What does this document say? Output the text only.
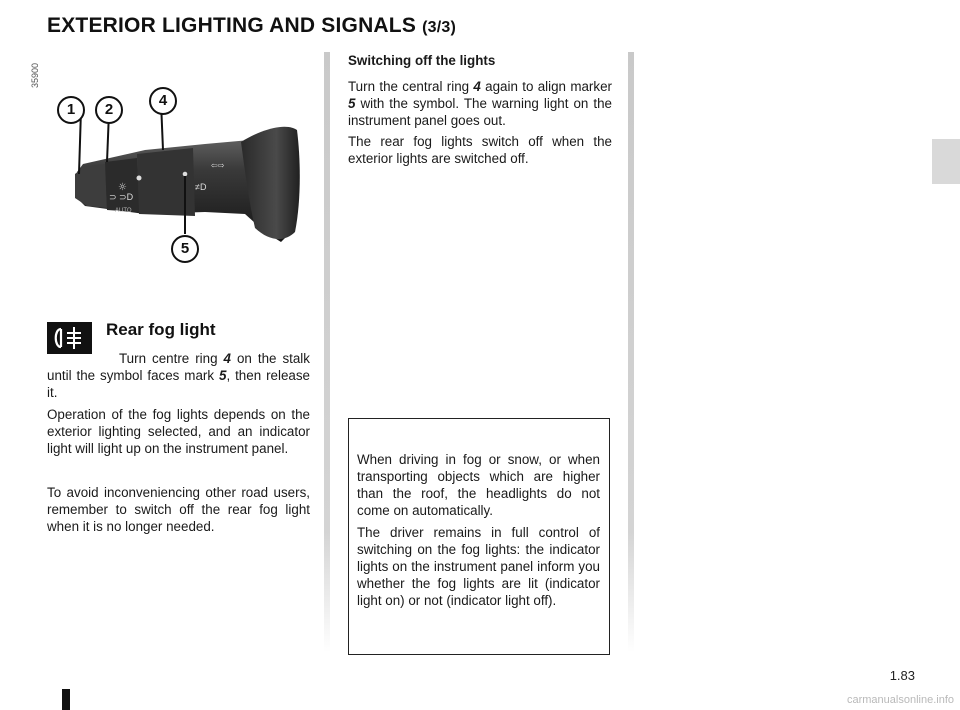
EXTERIOR LIGHTING AND SIGNALS (3/3)
35900
⊃ ⊃D
AUTO
☼	≠D
⇦⇨
1	2
4
5
Rear fog light
Turn centre ring 4 on the stalk until the symbol faces mark 5, then release it.
Operation of the fog lights depends on the exterior lighting selected, and an indicator light will light up on the instrument panel.
To avoid inconveniencing other road users, remember to switch off the rear fog light when it is no longer needed.
Switching off the lights
Turn the central ring 4 again to align marker 5 with the symbol. The warning light on the instrument panel goes out.
The rear fog lights switch off when the exterior lights are switched off.
When driving in fog or snow, or when transporting objects which are higher than the roof, the headlights do not come on automatically.
The driver remains in full control of switching on the fog lights: the indicator lights on the instrument panel inform you whether the fog lights are lit (indicator light on) or not (indicator light off).
1.83
carmanualsonline.info
